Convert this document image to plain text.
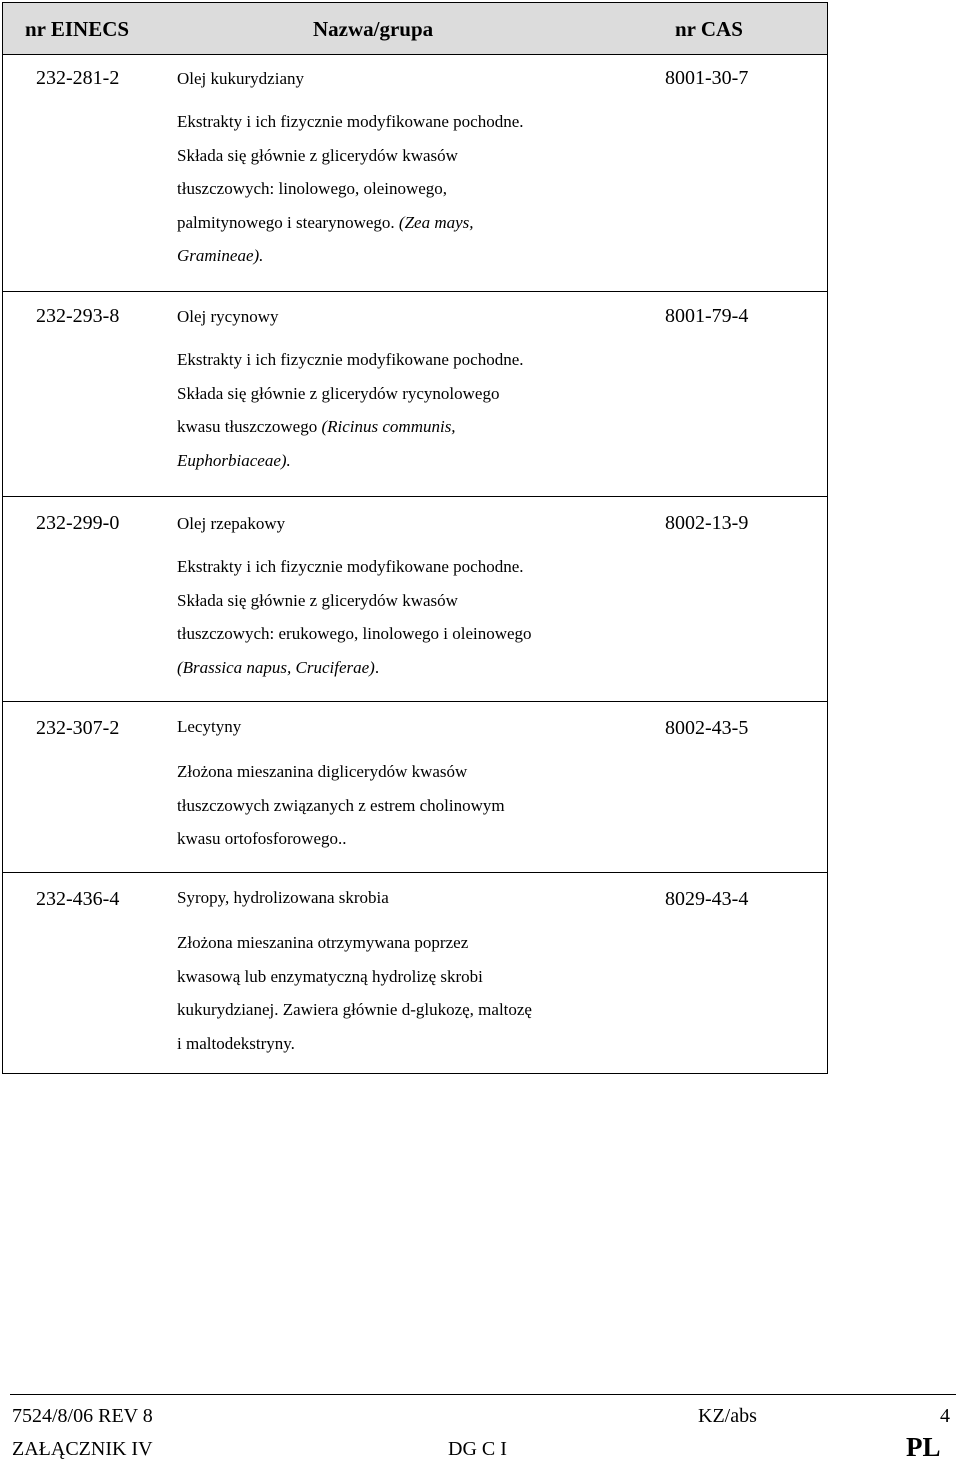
nr EINECS	Nazwa/grupa	nr CAS
232-281-2	Olej kukurydziany	8001-30-7
Ekstrakty i ich fizycznie modyfikowane pochodne.
Składa się głównie z glicerydów kwasów
tłuszczowych: linolowego, oleinowego,
palmitynowego i stearynowego. (Zea mays,
Gramineae).
232-293-8	Olej rycynowy	8001-79-4
Ekstrakty i ich fizycznie modyfikowane pochodne.
Składa się głównie z glicerydów rycynolowego
kwasu tłuszczowego (Ricinus communis,
Euphorbiaceae).
232-299-0	Olej rzepakowy	8002-13-9
Ekstrakty i ich fizycznie modyfikowane pochodne.
Składa się głównie z glicerydów kwasów
tłuszczowych: erukowego, linolowego i oleinowego
(Brassica napus, Cruciferae).
232-307-2	Lecytyny	8002-43-5
Złożona mieszanina diglicerydów kwasów
tłuszczowych związanych z estrem cholinowym
kwasu ortofosforowego..
232-436-4	Syropy, hydrolizowana skrobia	8029-43-4
Złożona mieszanina otrzymywana poprzez
kwasową lub enzymatyczną hydrolizę skrobi
kukurydzianej. Zawiera głównie d-glukozę, maltozę
i maltodekstryny.
7524/8/06 REV 8	KZ/abs	4
ZAŁĄCZNIK IV	DG C I	PL
